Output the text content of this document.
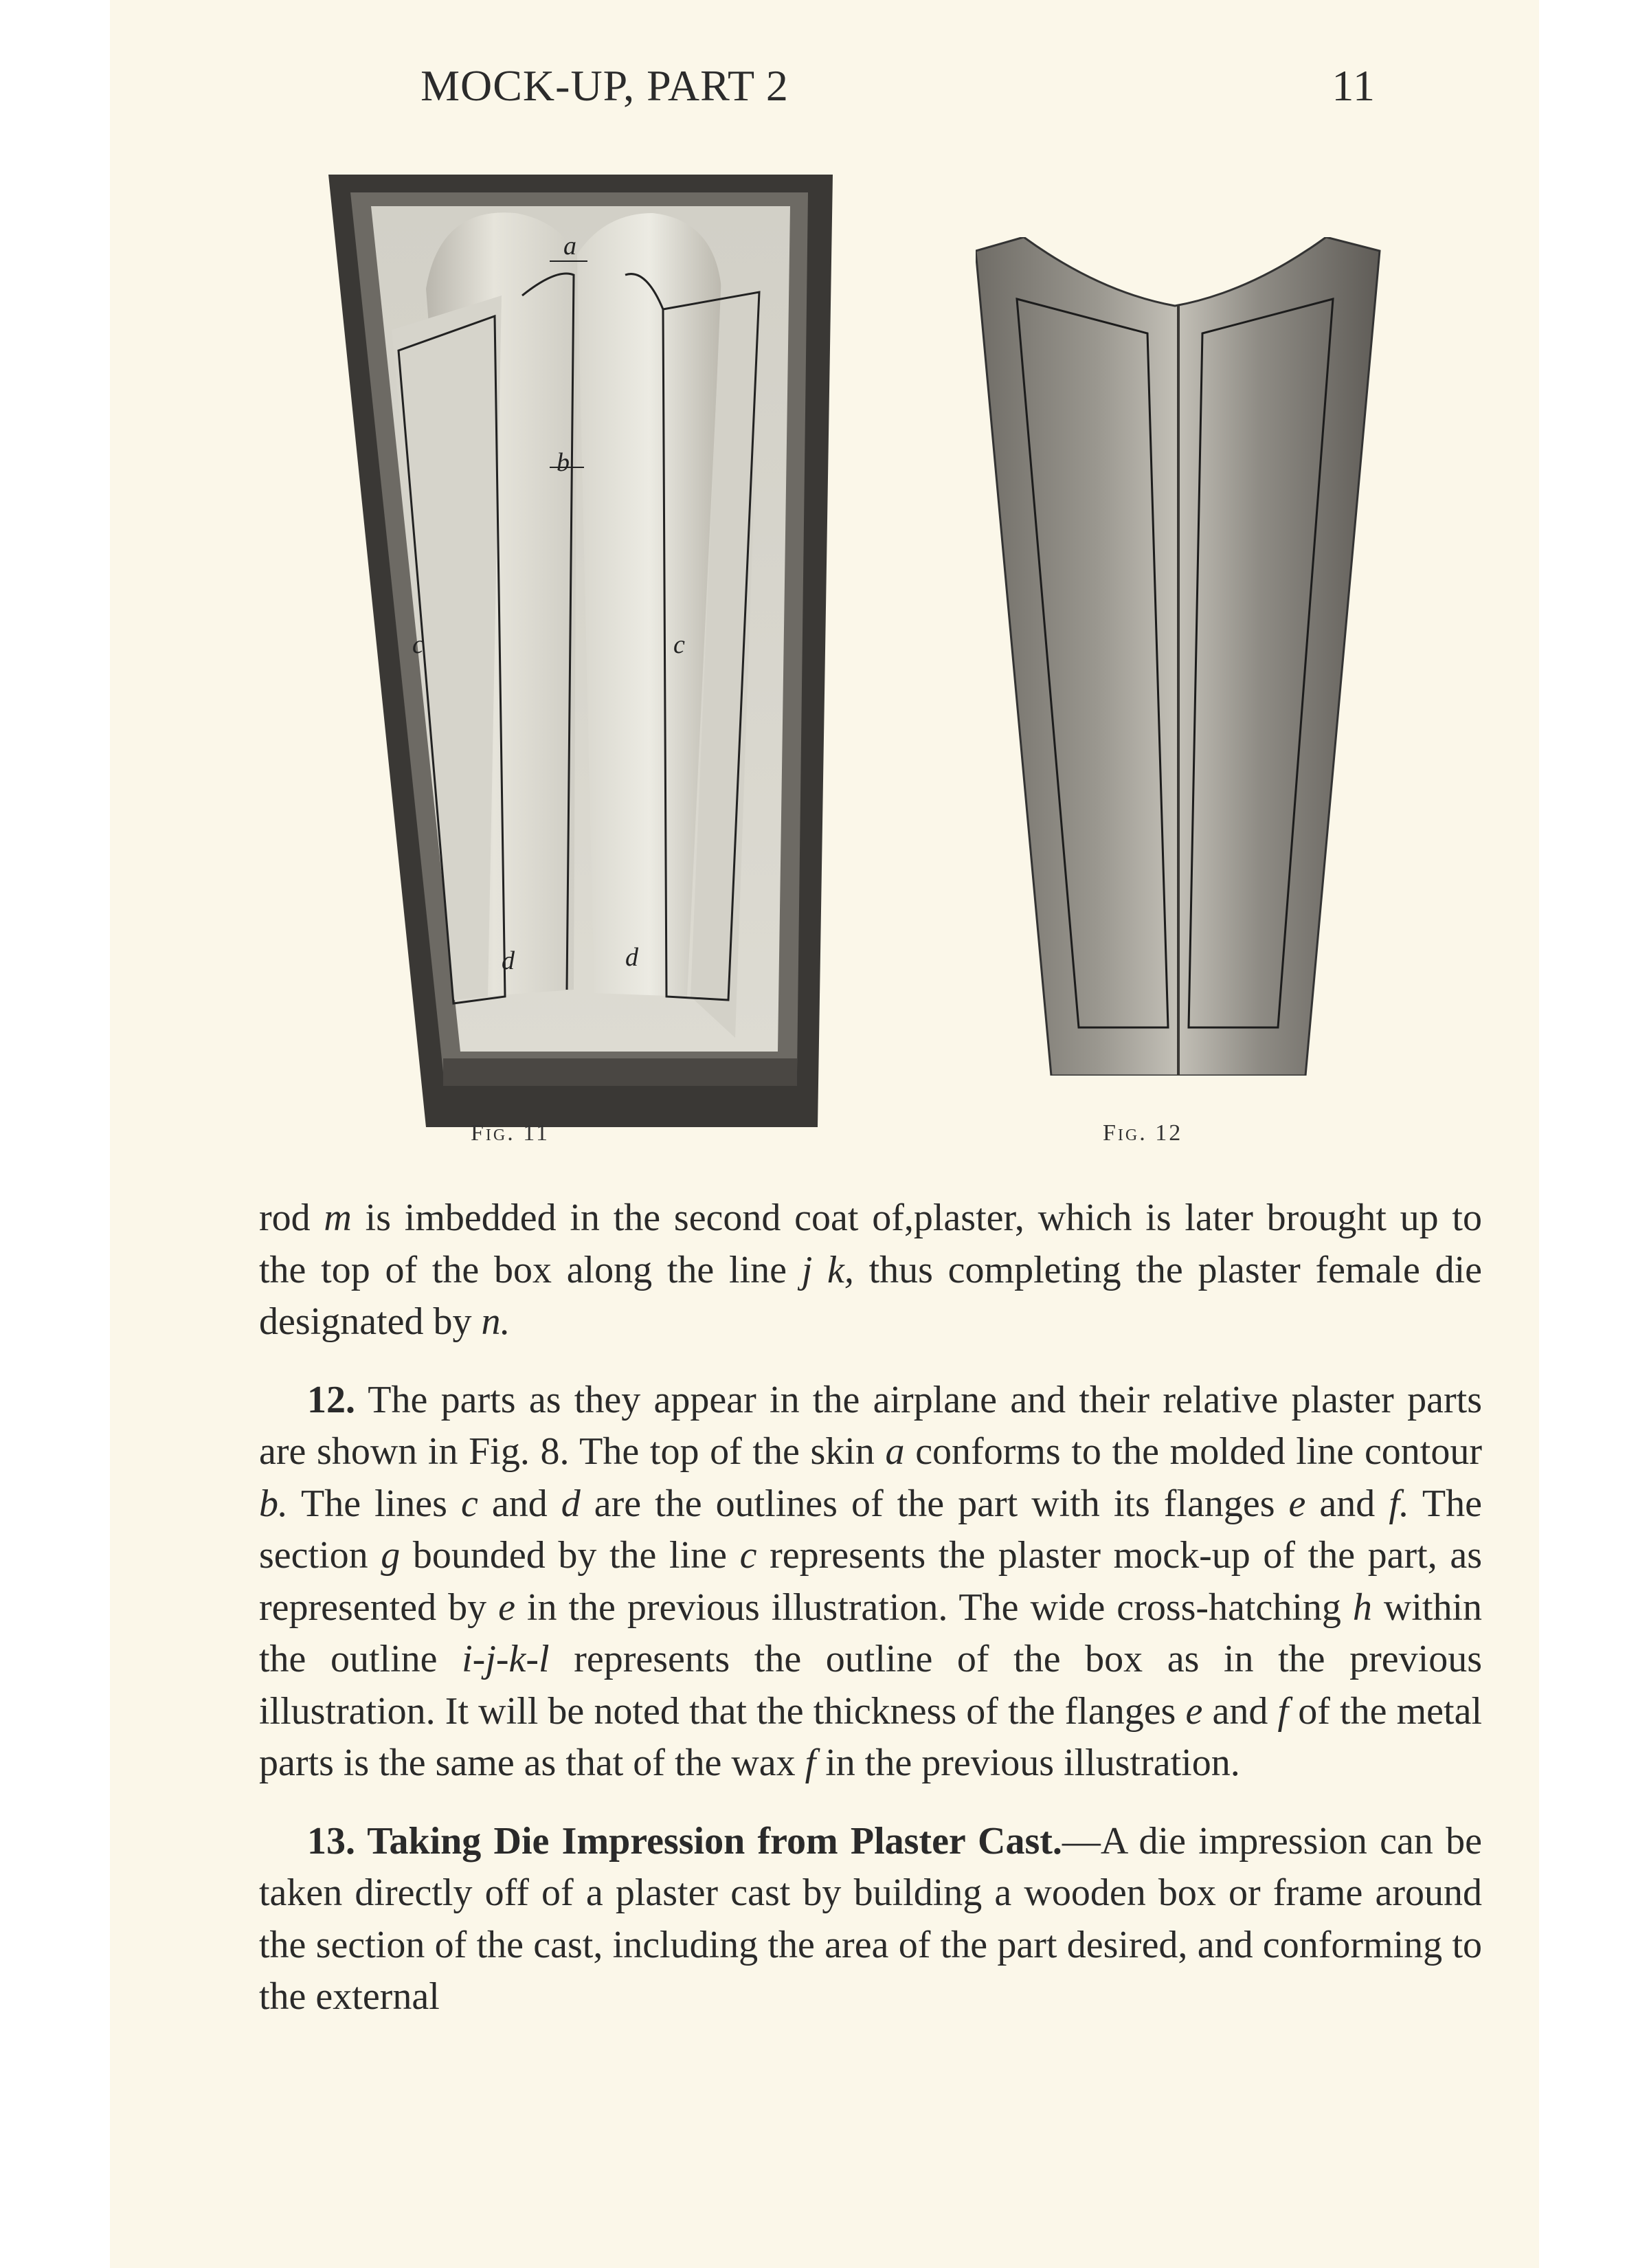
MOCK-UP, PART 2	11
a
b
c	c
d	d
Fig. 11	Fig. 12

rod m is imbedded in the second coat of,plaster, which is later brought up to the top of the box along the line j k, thus completing the plaster female die designated by n.

12. The parts as they appear in the airplane and their relative plaster parts are shown in Fig. 8. The top of the skin a conforms to the molded line contour b. The lines c and d are the outlines of the part with its flanges e and f. The section g bounded by the line c represents the plaster mock-up of the part, as represented by e in the previous illustration. The wide cross-hatching h within the outline i-j-k-l represents the outline of the box as in the previous illustration. It will be noted that the thickness of the flanges e and f of the metal parts is the same as that of the wax f in the previous illustration.

13. Taking Die Impression from Plaster Cast.—A die impression can be taken directly off of a plaster cast by building a wooden box or frame around the section of the cast, including the area of the part desired, and conforming to the external
